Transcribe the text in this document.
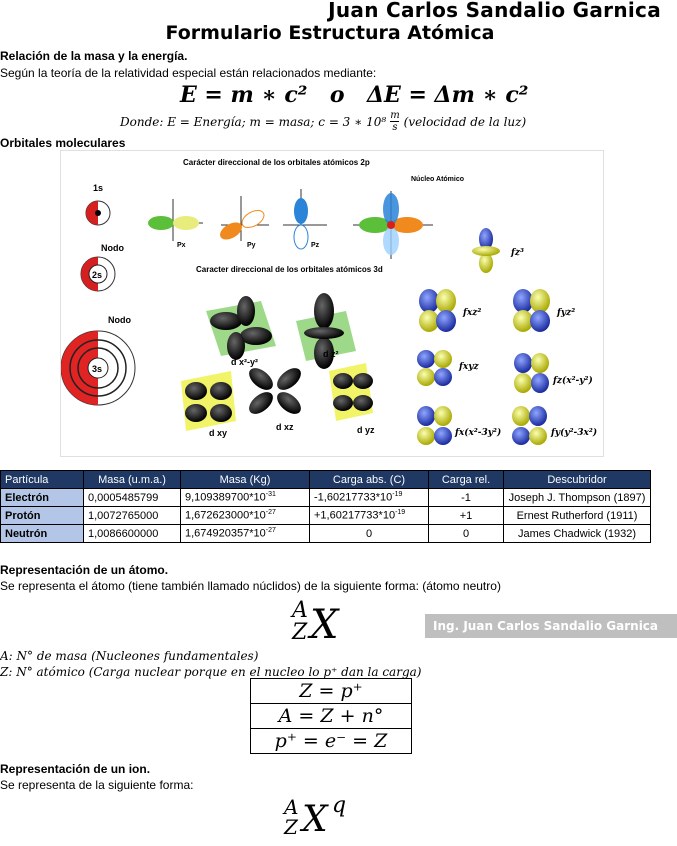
Juan Carlos Sandalio Garnica
Formulario Estructura Atómica
Relación de la masa y la energía.
Según la teoría de la relatividad especial están relacionados mediante:
E = m ∗ c² o ΔE = Δm ∗ c²
Donde: E = Energía; m = masa; c = 3 ∗ 10⁸ m
s (velocidad de la luz)
Orbitales moleculares
Carácter direccional de los orbitales atómicos 2p
Caracter direccional de los orbitales atómicos 3d
1s
Nodo
2s
Nodo
3s
Px	Py	Pz
Núcleo Atómico
d x²-y²
d z²
d xy
d xz	d yz
fz³
fxz²	fyz²
fxyz
fz(x²-y²)
fx(x²-3y²)	fy(y²-3x²)
Partícula	Masa (u.m.a.)	Masa (Kg)	Carga abs. (C)	Carga rel.	Descubridor
Electrón	0,0005485799	$9,109389700*10^{-31}$	$-1,60217733*10^{-19}$	-1	Joseph J. Thompson (1897)
Protón	1,0072765000	$1,672623000*10^{-27}$	$+1,60217733*10^{-19}$	+1	Ernest Rutherford (1911)
Neutrón	1,0086600000	$1,674920357*10^{-27}$	0	0	James Chadwick (1932)
Representación de un átomo.
Se representa el átomo (tiene también llamado núclidos) de la siguiente forma: (átomo neutro)
A
Z X	Ing. Juan Carlos Sandalio Garnica
A: N° de masa (Nucleones fundamentales)
Z: N° atómico (Carga nuclear porque en el nucleo lo p⁺ dan la carga)
Z = p⁺
A = Z + n°
p⁺ = e⁻ = Z
Representación de un ion.
Se representa de la siguiente forma:
A
Z X q
